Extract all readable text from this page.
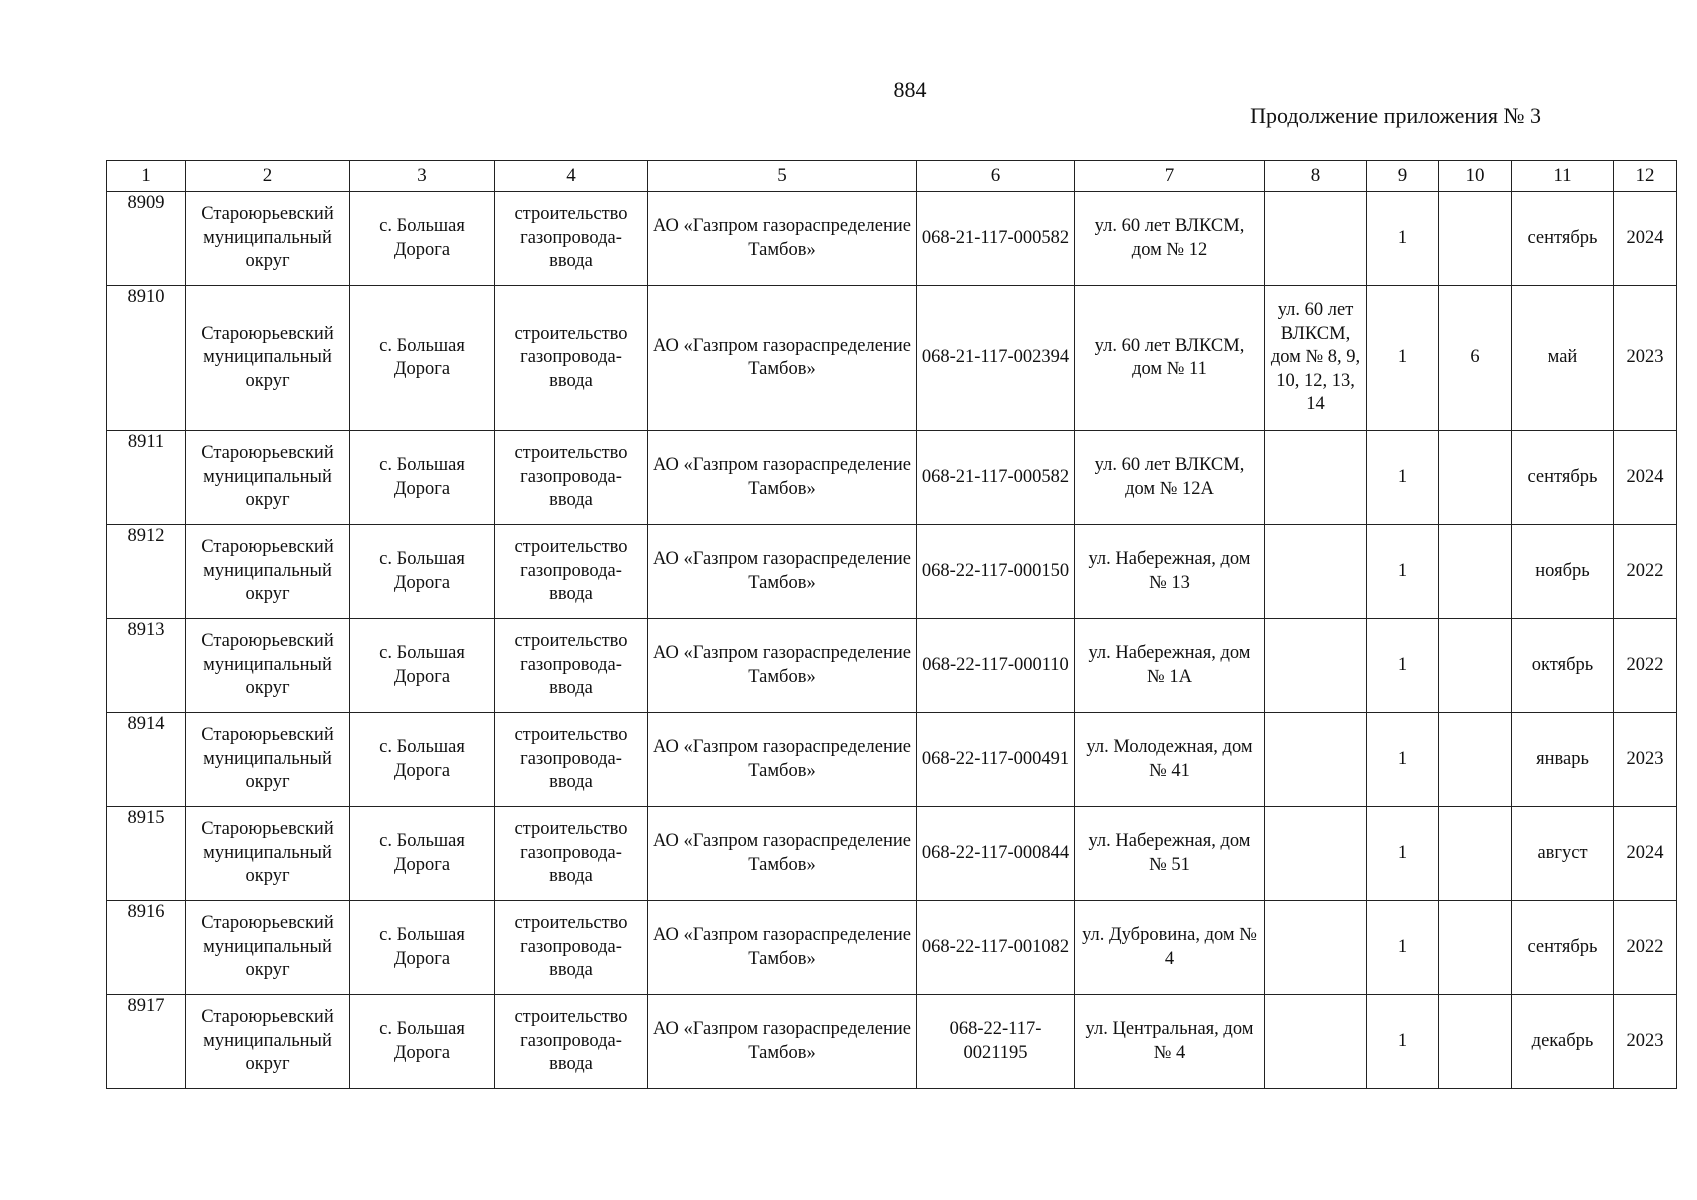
884
Продолжение приложения № 3
1	2	3	4	5	6	7	8	9	10	11	12
8909	Староюрьевский муниципальный округ	с. Большая Дорога	строительство газопровода-ввода	АО «Газпром газораспределение Тамбов»	068-21-117-000582	ул. 60 лет ВЛКСМ, дом № 12		1		сентябрь	2024
8910	Староюрьевский муниципальный округ	с. Большая Дорога	строительство газопровода-ввода	АО «Газпром газораспределение Тамбов»	068-21-117-002394	ул. 60 лет ВЛКСМ, дом № 11	ул. 60 лет ВЛКСМ, дом № 8, 9, 10, 12, 13, 14	1	6	май	2023
8911	Староюрьевский муниципальный округ	с. Большая Дорога	строительство газопровода-ввода	АО «Газпром газораспределение Тамбов»	068-21-117-000582	ул. 60 лет ВЛКСМ, дом № 12А		1		сентябрь	2024
8912	Староюрьевский муниципальный округ	с. Большая Дорога	строительство газопровода-ввода	АО «Газпром газораспределение Тамбов»	068-22-117-000150	ул. Набережная, дом № 13		1		ноябрь	2022
8913	Староюрьевский муниципальный округ	с. Большая Дорога	строительство газопровода-ввода	АО «Газпром газораспределение Тамбов»	068-22-117-000110	ул. Набережная, дом № 1А		1		октябрь	2022
8914	Староюрьевский муниципальный округ	с. Большая Дорога	строительство газопровода-ввода	АО «Газпром газораспределение Тамбов»	068-22-117-000491	ул. Молодежная, дом № 41		1		январь	2023
8915	Староюрьевский муниципальный округ	с. Большая Дорога	строительство газопровода-ввода	АО «Газпром газораспределение Тамбов»	068-22-117-000844	ул. Набережная, дом № 51		1		август	2024
8916	Староюрьевский муниципальный округ	с. Большая Дорога	строительство газопровода-ввода	АО «Газпром газораспределение Тамбов»	068-22-117-001082	ул. Дубровина, дом № 4		1		сентябрь	2022
8917	Староюрьевский муниципальный округ	с. Большая Дорога	строительство газопровода-ввода	АО «Газпром газораспределение Тамбов»	068-22-117-0021195	ул. Центральная, дом № 4		1		декабрь	2023
